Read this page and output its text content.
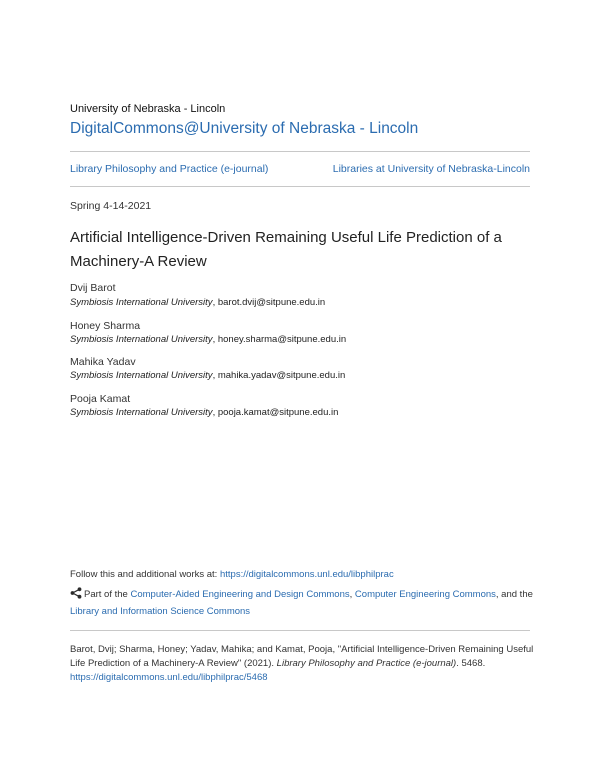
University of Nebraska - Lincoln
DigitalCommons@University of Nebraska - Lincoln
Library Philosophy and Practice (e-journal)	Libraries at University of Nebraska-Lincoln
Spring 4-14-2021
Artificial Intelligence-Driven Remaining Useful Life Prediction of a Machinery-A Review
Dvij Barot
Symbiosis International University, barot.dvij@sitpune.edu.in
Honey Sharma
Symbiosis International University, honey.sharma@sitpune.edu.in
Mahika Yadav
Symbiosis International University, mahika.yadav@sitpune.edu.in
Pooja Kamat
Symbiosis International University, pooja.kamat@sitpune.edu.in
Follow this and additional works at: https://digitalcommons.unl.edu/libphilprac
Part of the Computer-Aided Engineering and Design Commons, Computer Engineering Commons, and the Library and Information Science Commons
Barot, Dvij; Sharma, Honey; Yadav, Mahika; and Kamat, Pooja, "Artificial Intelligence-Driven Remaining Useful Life Prediction of a Machinery-A Review" (2021). Library Philosophy and Practice (e-journal). 5468.
https://digitalcommons.unl.edu/libphilprac/5468
